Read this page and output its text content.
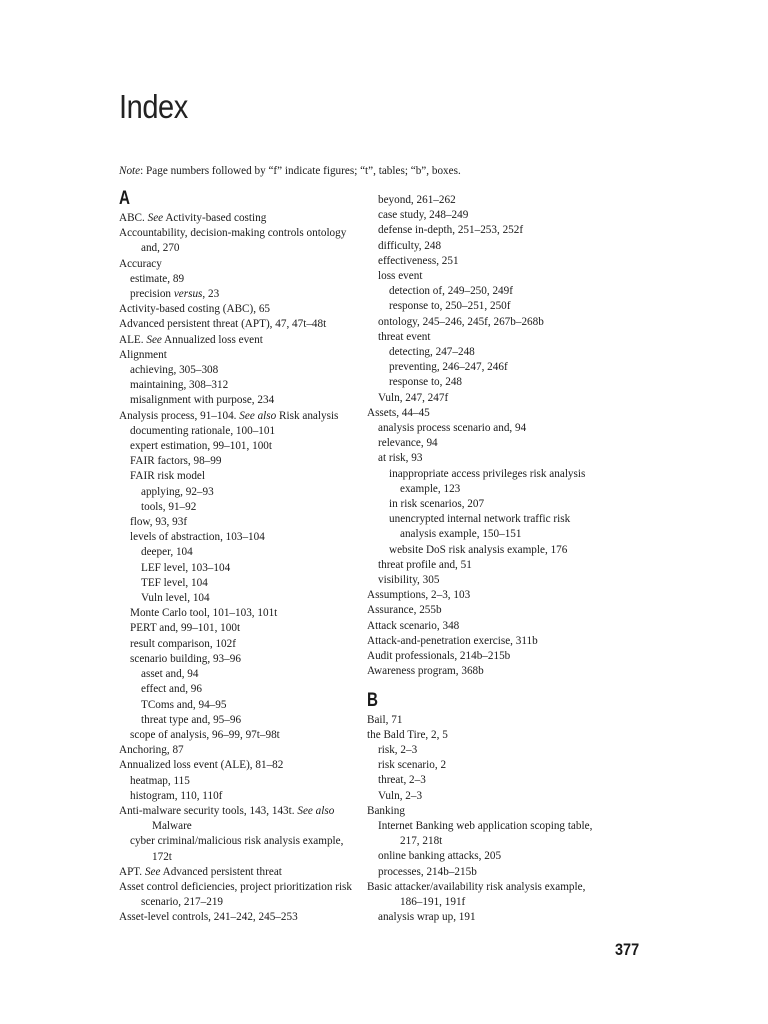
Index
Note: Page numbers followed by “f” indicate figures; “t”, tables; “b”, boxes.
A
ABC. See Activity-based costing
Accountability, decision-making controls ontology
and, 270
Accuracy
estimate, 89
precision versus, 23
Activity-based costing (ABC), 65
Advanced persistent threat (APT), 47, 47t–48t
ALE. See Annualized loss event
Alignment
achieving, 305–308
maintaining, 308–312
misalignment with purpose, 234
Analysis process, 91–104. See also Risk analysis
documenting rationale, 100–101
expert estimation, 99–101, 100t
FAIR factors, 98–99
FAIR risk model
applying, 92–93
tools, 91–92
flow, 93, 93f
levels of abstraction, 103–104
deeper, 104
LEF level, 103–104
TEF level, 104
Vuln level, 104
Monte Carlo tool, 101–103, 101t
PERT and, 99–101, 100t
result comparison, 102f
scenario building, 93–96
asset and, 94
effect and, 96
TComs and, 94–95
threat type and, 95–96
scope of analysis, 96–99, 97t–98t
Anchoring, 87
Annualized loss event (ALE), 81–82
heatmap, 115
histogram, 110, 110f
Anti-malware security tools, 143, 143t. See also
Malware
cyber criminal/malicious risk analysis example,
172t
APT. See Advanced persistent threat
Asset control deficiencies, project prioritization risk
scenario, 217–219
Asset-level controls, 241–242, 245–253
beyond, 261–262
case study, 248–249
defense in-depth, 251–253, 252f
difficulty, 248
effectiveness, 251
loss event
detection of, 249–250, 249f
response to, 250–251, 250f
ontology, 245–246, 245f, 267b–268b
threat event
detecting, 247–248
preventing, 246–247, 246f
response to, 248
Vuln, 247, 247f
Assets, 44–45
analysis process scenario and, 94
relevance, 94
at risk, 93
inappropriate access privileges risk analysis
example, 123
in risk scenarios, 207
unencrypted internal network traffic risk
analysis example, 150–151
website DoS risk analysis example, 176
threat profile and, 51
visibility, 305
Assumptions, 2–3, 103
Assurance, 255b
Attack scenario, 348
Attack-and-penetration exercise, 311b
Audit professionals, 214b–215b
Awareness program, 368b
B
Bail, 71
the Bald Tire, 2, 5
risk, 2–3
risk scenario, 2
threat, 2–3
Vuln, 2–3
Banking
Internet Banking web application scoping table,
217, 218t
online banking attacks, 205
processes, 214b–215b
Basic attacker/availability risk analysis example,
186–191, 191f
analysis wrap up, 191
377
